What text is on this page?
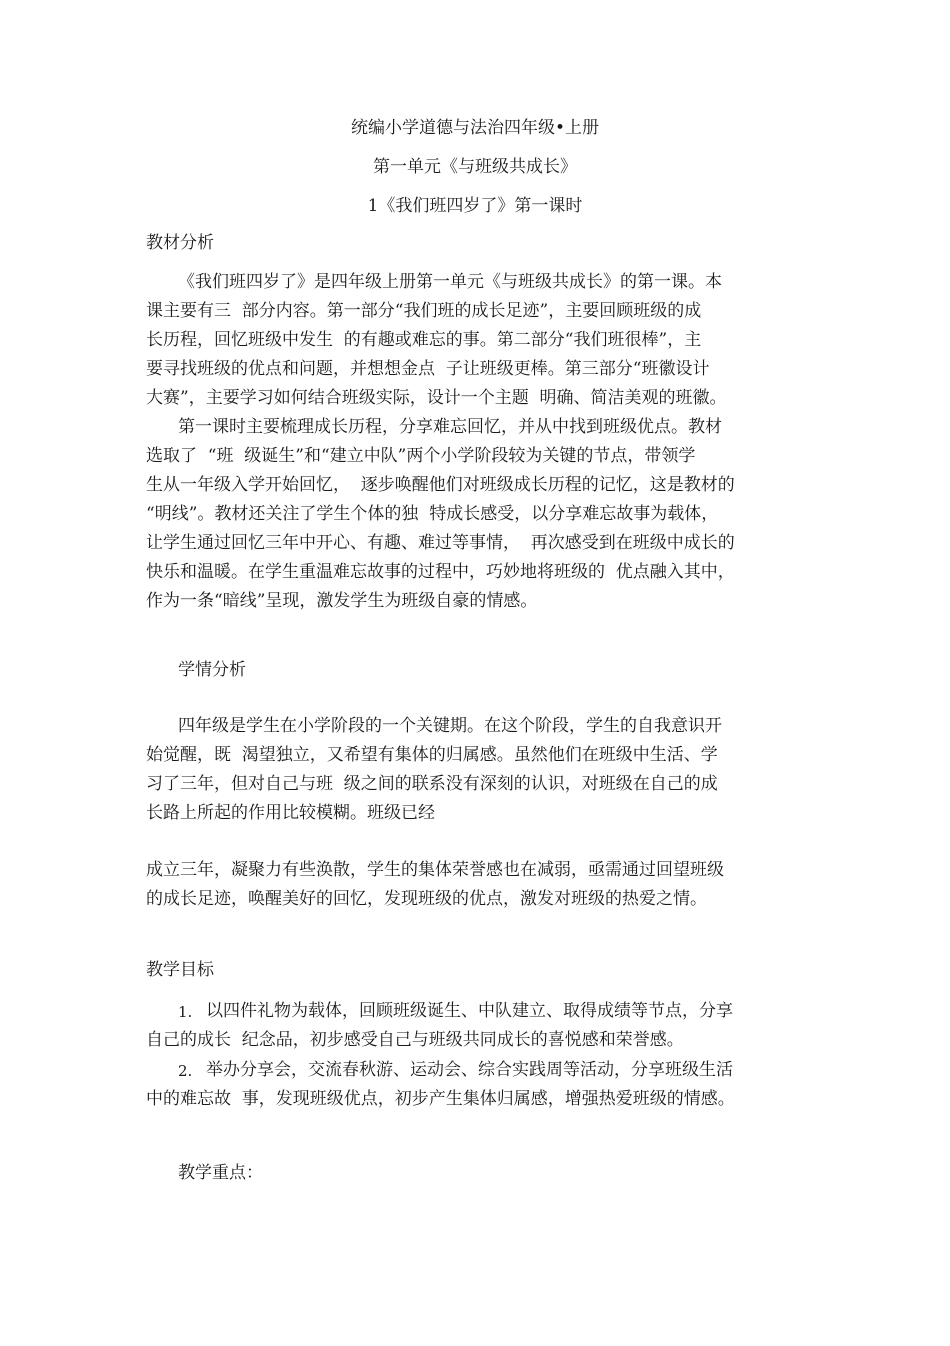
统编小学道德与法治四年级•上册

第一单元《与班级共成长》

1《我们班四岁了》第一课时

教材分析

《我们班四岁了》是四年级上册第一单元《与班级共成长》的第一课。本

课主要有三  部分内容。第一部分“我们班的成长足迹”，主要回顾班级的成

长历程，回忆班级中发生  的有趣或难忘的事。第二部分“我们班很棒”，主

要寻找班级的优点和问题，并想想金点  子让班级更棒。第三部分“班徽设计

大赛”，主要学习如何结合班级实际，设计一个主题  明确、简洁美观的班徽。

第一课时主要梳理成长历程，分享难忘回忆，并从中找到班级优点。教材

选取了  “班  级诞生”和“建立中队”两个小学阶段较为关键的节点，带领学

生从一年级入学开始回忆，  逐步唤醒他们对班级成长历程的记忆，这是教材的

“明线”。教材还关注了学生个体的独  特成长感受，以分享难忘故事为载体，

让学生通过回忆三年中开心、有趣、难过等事情，  再次感受到在班级中成长的

快乐和温暖。在学生重温难忘故事的过程中，巧妙地将班级的  优点融入其中，

作为一条“暗线”呈现，激发学生为班级自豪的情感。

学情分析

四年级是学生在小学阶段的一个关键期。在这个阶段，学生的自我意识开

始觉醒，既  渴望独立，又希望有集体的归属感。虽然他们在班级中生活、学

习了三年，但对自己与班  级之间的联系没有深刻的认识，对班级在自己的成

长路上所起的作用比较模糊。班级已经

成立三年，凝聚力有些涣散，学生的集体荣誉感也在减弱，亟需通过回望班级

的成长足迹，唤醒美好的回忆，发现班级的优点，激发对班级的热爱之情。

教学目标

1. 以四件礼物为载体，回顾班级诞生、中队建立、取得成绩等节点，分享

自己的成长  纪念品，初步感受自己与班级共同成长的喜悦感和荣誉感。

2. 举办分享会，交流春秋游、运动会、综合实践周等活动，分享班级生活

中的难忘故  事，发现班级优点，初步产生集体归属感，增强热爱班级的情感。

教学重点：
